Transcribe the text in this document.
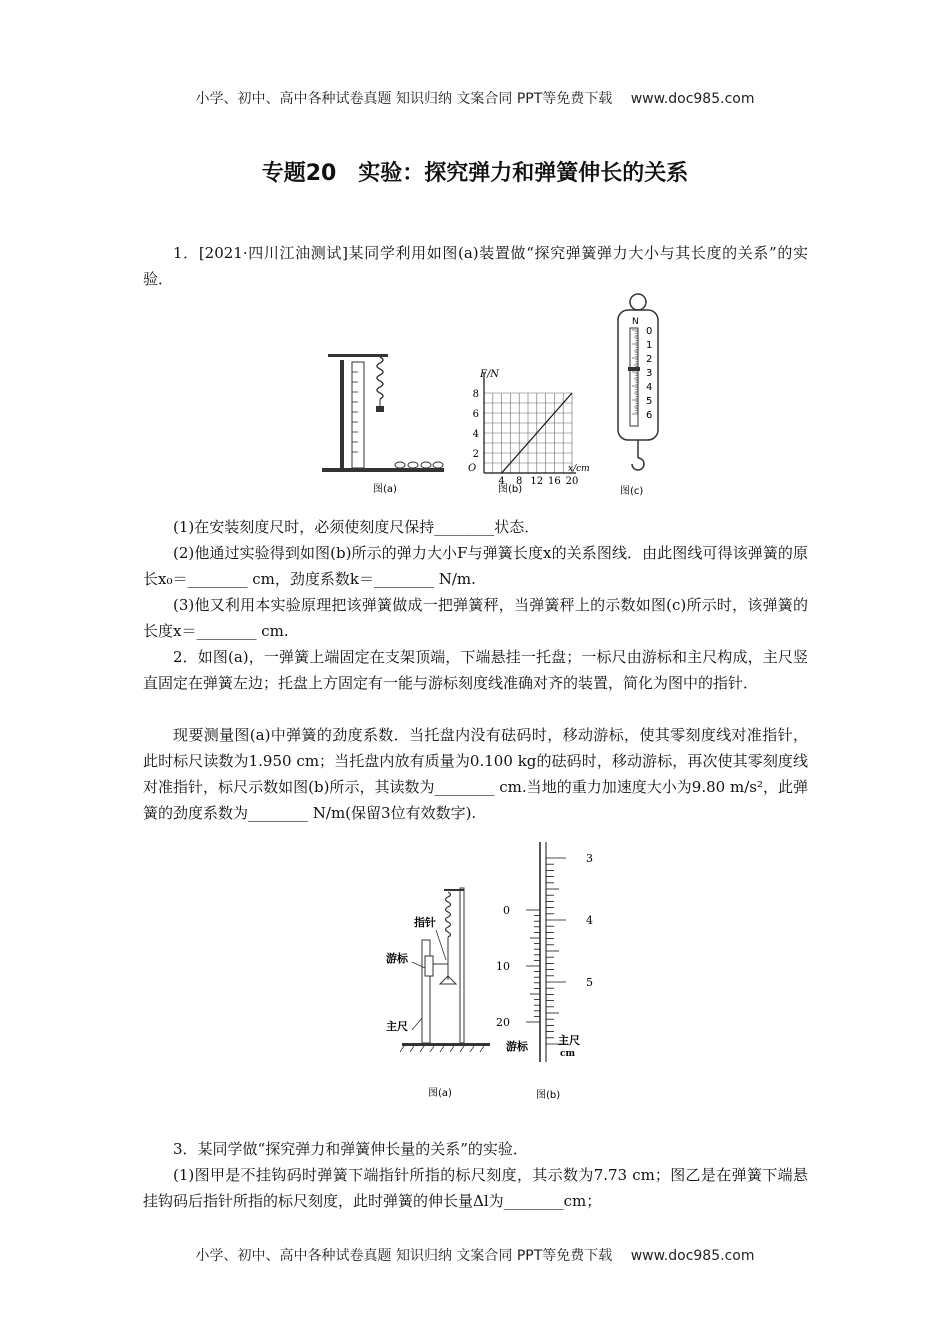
小学、初中、高中各种试卷真题 知识归纳 文案合同 PPT等免费下载　 www.doc985.com
专题20　实验：探究弹力和弹簧伸长的关系
1．[2021·四川江油测试]某同学利用如图(a)装置做“探究弹簧弹力大小与其长度的关系”的实验．
图(a)
F/N
x/cm
O
4 8 12 16 20
2
4
6
8
图(b)
N
0
1
2
3
4
5
6
图(c)
(1)在安装刻度尺时，必须使刻度尺保持________状态．
(2)他通过实验得到如图(b)所示的弹力大小F与弹簧长度x的关系图线．由此图线可得该弹簧的原长x₀＝________ cm，劲度系数k＝________ N/m.
(3)他又利用本实验原理把该弹簧做成一把弹簧秤，当弹簧秤上的示数如图(c)所示时，该弹簧的长度x＝________ cm.
2．如图(a)，一弹簧上端固定在支架顶端，下端悬挂一托盘；一标尺由游标和主尺构成，主尺竖直固定在弹簧左边；托盘上方固定有一能与游标刻度线准确对齐的装置，简化为图中的指针．
现要测量图(a)中弹簧的劲度系数．当托盘内没有砝码时，移动游标，使其零刻度线对准指针，此时标尺读数为1.950 cm；当托盘内放有质量为0.100 kg的砝码时，移动游标，再次使其零刻度线对准指针，标尺示数如图(b)所示，其读数为________ cm.当地的重力加速度大小为9.80 m/s²，此弹簧的劲度系数为________ N/m(保留3位有效数字).
指针
游标
主尺
图(a)
3
4
5
0
10
20
游标	主尺
cm
图(b)
3．某同学做“探究弹力和弹簧伸长量的关系”的实验．
(1)图甲是不挂钩码时弹簧下端指针所指的标尺刻度，其示数为7.73 cm；图乙是在弹簧下端悬挂钩码后指针所指的标尺刻度，此时弹簧的伸长量Δl为________cm；
小学、初中、高中各种试卷真题 知识归纳 文案合同 PPT等免费下载　 www.doc985.com
